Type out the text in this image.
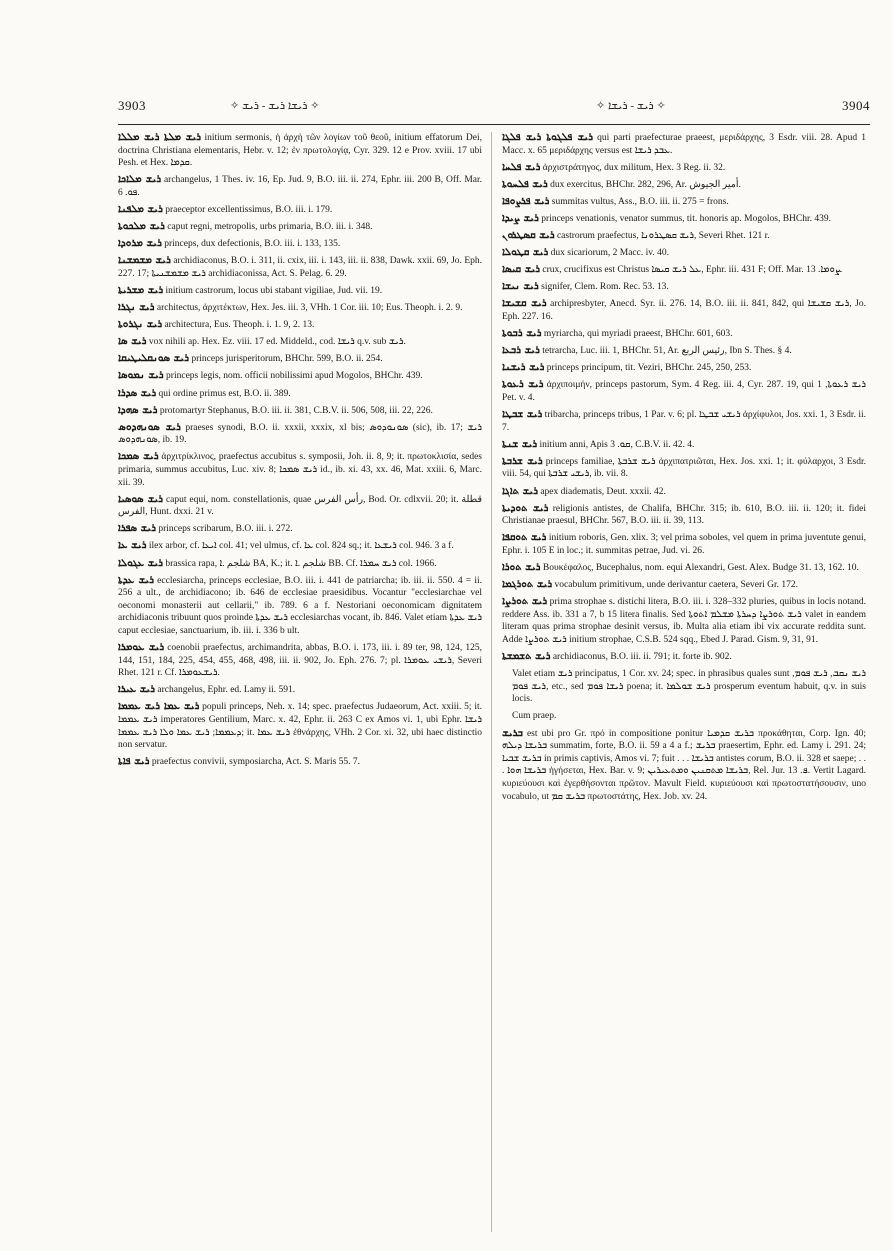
3903	✧ ܪܝܫܐ ܪܝܫ - ܪܝܫ ✧	✧ ܪܝܫ - ܪܝܫܐ ✧	3904

ܪܝܫ ܡܠܬܐ ܪܝܫ ܡܠܠܐ initium sermonis, ἡ ἀρχὴ τῶν λογίων τοῦ θεοῦ, initium effatorum Dei, doctrina Christiana elementaris, Hebr. v. 12; ἐν πρωτολογίᾳ, Cyr. 329. 12 e Prov. xviii. 17 ubi Pesh. et Hex. ܩܕܡܐ.

ܪܝܫ ܡܠܐܟܐ archangelus, 1 Thes. iv. 16, Ep. Jud. 9, B.O. iii. ii. 274, Ephr. iii. 200 B, Off. Mar. ܦܘ. 6.

ܪܝܫ ܡܠܦܢܐ praeceptor excellentissimus, B.O. iii. i. 179.

ܪܝܫ ܡܠܟܘܬܐ caput regni, metropolis, urbs primaria, B.O. iii. i. 348.

ܪܝܫ ܡܪܘܕܐ princeps, dux defectionis, B.O. iii. i. 133, 135.

ܪܝܫ ܡܫܡܫܢܐ archidiaconus, B.O. i. 311, ii. cxix, iii. i. 143, iii. ii. 838, Dawk. xxii. 69, Jo. Eph. 227. 17; ܪܝܫ ܡܫܡܫܢܝܬܐ archidiaconissa, Act. S. Pelag. 6. 29.

ܪܝܫ ܡܫܪܝܬܐ initium castrorum, locus ubi stabant vigiliae, Jud. vii. 19.

ܪܝܫ ܢܓܪܐ architectus, ἀρχιτέκτων, Hex. Jes. iii. 3, VHh. 1 Cor. iii. 10; Eus. Theoph. i. 2. 9.

ܪܝܫ ܢܓܪܘܬܐ architectura, Eus. Theoph. i. 1. 9, 2. 13.

ܪܝܫ ܣܐ vox nihili ap. Hex. Ez. viii. 17 ed. Middeld., cod. ܪܝܫܐ q.v. sub ܪܝܫ.

ܪܝܫ ܣܘܢܩܠܝܛܝܩܐ princeps jurisperitorum, BHChr. 599, B.O. ii. 254.

ܪܝܫ ܢܡܘܣܐ princeps legis, nom. officii nobilissimi apud Mogolos, BHChr. 439.

ܪܝܫ ܣܕܪܐ qui ordine primus est, B.O. ii. 389.

ܪܝܫ ܣܗܕܐ protomartyr Stephanus, B.O. iii. ii. 381, C.B.V. ii. 506, 508, iii. 22, 226.

ܪܝܫ ܣܘܢܗܕܘܣ praeses synodi, B.O. ii. xxxii, xxxix, xl bis; ܣܘܢܘܕܘܣ (sic), ib. 17; ܪܝܫ ܣܘܢܗܕܘܣ, ib. 19.

ܪܝܫ ܣܡܟܐ ἀρχιτρίκλινος, praefectus accubitus s. symposii, Joh. ii. 8, 9; it. πρωτοκλισία, sedes primaria, summus accubitus, Luc. xiv. 8; ܪܝܫ ܣܡܟܐ id., ib. xi. 43, xx. 46, Mat. xxiii. 6, Marc. xii. 39.

ܪܝܫ ܣܘܣܝܐ caput equi, nom. constellationis, quae رأس الفرس, Bod. Or. cdlxvii. 20; it. قطلة الفرس, Hunt. dxxi. 21 v.

ܪܝܫ ܣܦܪܐ princeps scribarum, B.O. iii. i. 272.

ܪܝܫ ܥܐ ilex arbor, cf. ܐܝܥܐ col. 41; vel ulmus, cf. ܥܐ col. 824 sq.; it. ܪܝܫܥܐ col. 946. 3 a f.

ܪܝܫ ܥܓܘܠܐ brassica rapa, شلجم .ܐ BA, K.; it. شلجم .ܐ BB. Cf. ܪܝܫ ܚܡܪܐ col. 1966.

ܪܝܫ ܥܕܬܐ ecclesiarcha, princeps ecclesiae, B.O. iii. i. 441 de patriarcha; ib. iii. ii. 550. 4 = ii. 256 a ult., de archidiacono; ib. 646 de ecclesiae praesidibus. Vocantur "ecclesiarchae vel oeconomi monasterii aut cellarii," ib. 789. 6 a f. Nestoriani oeconomicam dignitatem archidiaconis tribuunt quos proinde ܪܝܫ ܥܕܬܐ ecclesiarchas vocant, ib. 846. Valet etiam ܪܝܫ ܥܕܬܐ caput ecclesiae, sanctuarium, ib. iii. i. 336 b ult.

ܪܝܫ ܥܘܡܪܐ coenobii praefectus, archimandrita, abbas, B.O. i. 173, iii. i. 89 ter, 98, 124, 125, 144, 151, 184, 225, 454, 455, 468, 498, iii. ii. 902, Jo. Eph. 276. 7; pl. ܪܝܫܝ ܥܘܡܪܐ, Severi Rhet. 121 r. Cf. ܪܝܫܥܘܡܪܐ.

ܪܝܫ ܥܝܪܐ archangelus, Ephr. ed. Lamy ii. 591.

ܪܝܫ ܥܡܐ ܪܝܫ ܥܡܡܐ populi princeps, Neh. x. 14; spec. praefectus Judaeorum, Act. xxiii. 5; it. ܪܝܫ ܥܡܡܐ imperatores Gentilium, Marc. x. 42, Ephr. ii. 263 C ex Amos vi. 1, ubi Ephr. ܪܝܫܐ ܕܥܡܡܐ; ܪܝܫ ܥܡܐ ܘܠܐ ܪܝܫ ܥܡܡܐ; it. ܪܝܫ ܥܡܐ ἐθνάρχης, VHh. 2 Cor. xi. 32, ubi haec distinctio non servatur.

ܪܝܫ ܦܐܬܐ praefectus convivii, symposiarcha, Act. S. Maris 55. 7.

ܪܝܫ ܦܠܓܘܬܐ ܪܝܫ ܦܠܓܐ qui parti praefecturae praeest, μεριδάρχης, 3 Esdr. viii. 28. Apud 1 Macc. x. 65 μεριδάρχης versus est ܥܒܕ ܪܝܫܐ.

ܪܝܫ ܦܠܚܐ ἀρχιστράτηγος, dux militum, Hex. 3 Reg. ii. 32.

ܪܝܫ ܦܠܚܘܬܐ dux exercitus, BHChr. 282, 296, Ar. أمير الجيوش.

ܪܝܫ ܦܪܨܘܦܐ summitas vultus, Ass., B.O. iii. ii. 275 = frons.

ܪܝܫ ܨܝܕܐ princeps venationis, venator summus, tit. honoris ap. Mogolos, BHChr. 439.

ܪܝܫ ܩܣܛܪܘܢ castrorum praefectus, ܪܝܫ ܩܣܛܪܘܢܐ, Severi Rhet. 121 r.

ܪܝܫ ܩܛܘܠܐ dux sicariorum, 2 Macc. iv. 40.

ܪܝܫ ܩܝܣܐ crux, crucifixus est Christus ܥܠ ܪܝܫ ܩܝܣܐ, Ephr. iii. 431 F; Off. Mar. ܨܘܡܐ. 13.

ܪܝܫ ܢܝܫܐ signifer, Clem. Rom. Rec. 53. 13.

ܪܝܫ ܩܫܝܫܐ archipresbyter, Anecd. Syr. ii. 276. 14, B.O. iii. ii. 841, 842, qui ܪܝܫ ܩܫܝܫܐ, Jo. Eph. 227. 16.

ܪܝܫ ܪܒܘܬܐ myriarcha, qui myriadi praeest, BHChr. 601, 603.

ܪܝܫ ܪܒܥܐ tetrarcha, Luc. iii. 1, BHChr. 51, Ar. رئيس الربع, Ibn S. Thes. § 4.

ܪܝܫ ܪܝܫܢܐ princeps principum, tit. Veziri, BHChr. 245, 250, 253.

ܪܝܫ ܪܥܘܬܐ ἀρχιποιμήν, princeps pastorum, Sym. 4 Reg. iii. 4, Cyr. 287. 19, qui ܪܝܫ ܪܥܘܬܐ, 1 Pet. v. 4.

ܪܝܫ ܫܒܛܐ tribarcha, princeps tribus, 1 Par. v. 6; pl. ܪܝܫܝ ܫܒܛܐ ἀρχίφυλοι, Jos. xxi. 1, 3 Esdr. ii. 7.

ܪܝܫ ܫܢܬܐ initium anni, Apis ܩܘ. 3, C.B.V. ii. 42. 4.

ܪܝܫ ܫܪܒܬܐ princeps familiae, ܪܝܫ ܫܪܒܬܐ ἀρχιπατριῶται, Hex. Jos. xxi. 1; it. φύλαρχοι, 3 Esdr. viii. 54, qui ܪܝܫܝ ܫܪܒܬܐ, ib. vii. 8.

ܪܝܫ ܬܐܓܐ apex diadematis, Deut. xxxii. 42.

ܪܝܫ ܬܘܕܝܬܐ religionis antistes, de Chalifa, BHChr. 315; ib. 610, B.O. iii. ii. 120; it. fidei Christianae praesul, BHChr. 567, B.O. iii. ii. 39, 113.

ܪܝܫ ܬܘܩܦܐ initium roboris, Gen. xlix. 3; vel prima soboles, vel quem in prima juventute genui, Ephr. i. 105 E in loc.; it. summitas petrae, Jud. vi. 26.

ܪܝܫ ܬܘܪܐ Βουκέφαλος, Bucephalus, nom. equi Alexandri, Gest. Alex. Budge 31. 13, 162. 10.

ܪܝܫ ܬܘܪܓܡܐ vocabulum primitivum, unde derivantur caetera, Severi Gr. 172.

ܪܝܫ ܬܘܪܨܐ prima strophae s. distichi litera, B.O. iii. i. 328–332 pluries, quibus in locis notand. reddere Ass. ib. 331 a 7, b 15 litera finalis. Sed ܪܝܫ ܬܘܪܨܐ ܕܚܪܬܐ ܡܫܠܡ ܐܬܘܬܐ valet in eandem literam quas prima strophae desinit versus, ib. Multa alia etiam ibi vix accurate reddita sunt. Adde ܪܝܫ ܬܘܪܨܐ initium strophae, C.S.B. 524 sqq., Ebed J. Parad. Gism. 9, 31, 91.

ܪܝܫ ܬܫܡܫܬܐ archidiaconus, B.O. iii. ii. 791; it. forte ib. 902.

Valet etiam ܪܝܫ principatus, 1 Cor. xv. 24; spec. in phrasibus quales sunt ܪܝܫ ܢܩܒ, ܪܝܫ ܦܘܡ, ܪܝܫ ܦܘܡ, etc., sed ܪܝܫܐ ܦܘܡ poena; it. ܪܝܫ ܫܘܠܡܐ prosperum eventum habuit, q.v. in suis locis.

Cum praep.

ܒܪܝܫ est ubi pro Gr. πρό in compositione ponitur ܒܪܝܫ ܩܕܡܝܐ προκάθηται, Corp. Ign. 40; ܒܪܝܫܐ ܕܝܠܗ summatim, forte, B.O. ii. 59 a 4 a f.; ܒܪܝܫ praesertim, Ephr. ed. Lamy i. 291. 24; ܒܪܝܫ ܫܒܝܐ in primis captivis, Amos vi. 7; fuit . . . ܒܪܝܫܐ antistes corum, B.O. ii. 328 et saepe; . . . ܒܪܝܫܐ ܗܘܐ ἡγήσεται, Hex. Bar. v. 9; ܒܪܝܫܐ ܡܬܩܢܝܢ ܘܡܬܥܝܪܝܢ, Rel. Jur. ܦ. 13. Vertit Lagard. κυριεύουσι καὶ ἐγερθήσονται πρῶτον. Mavult Field. κυριεύουσι καὶ πρωτοστατήσουσιν, uno vocabulo, ut ܒܪܝܫ ܩܡ πρωτοστάτης, Hex. Job. xv. 24.
